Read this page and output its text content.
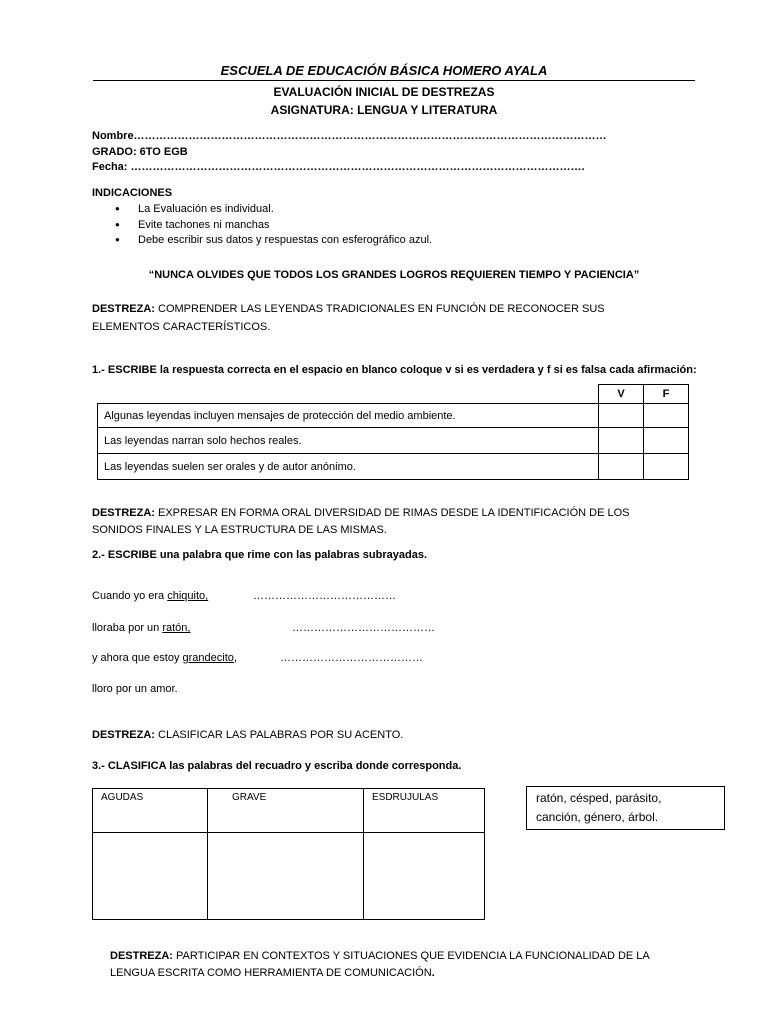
ESCUELA DE EDUCACIÓN BÁSICA HOMERO AYALA
EVALUACIÓN INICIAL DE DESTREZAS
ASIGNATURA: LENGUA Y LITERATURA
Nombre…………………………………………………………………………………………………………………
GRADO: 6TO EGB
Fecha: …………………………………………………………………………………………………………….
INDICACIONES
● La Evaluación es individual.
● Evite tachones ni manchas
● Debe escribir sus datos y respuestas con esferográfico azul.
“NUNCA OLVIDES QUE TODOS LOS GRANDES LOGROS REQUIEREN TIEMPO Y PACIENCIA”
DESTREZA: COMPRENDER LAS LEYENDAS TRADICIONALES EN FUNCIÓN DE RECONOCER SUS ELEMENTOS CARACTERÍSTICOS.
1.- ESCRIBE la respuesta correcta en el espacio en blanco coloque v si es verdadera y f si es falsa cada afirmación:
	V	F
Algunas leyendas incluyen mensajes de protección del medio ambiente.		
Las leyendas narran solo hechos reales.		
Las leyendas suelen ser orales y de autor anónimo.		
DESTREZA: EXPRESAR EN FORMA ORAL DIVERSIDAD DE RIMAS DESDE LA IDENTIFICACIÓN DE LOS SONIDOS FINALES Y LA ESTRUCTURA DE LAS MISMAS.
2.- ESCRIBE una palabra que rime con las palabras subrayadas.
Cuando yo era chiquito,	…………………………………
lloraba por un ratón,	…………………………………
y ahora que estoy grandecito,	…………………………………
lloro por un amor.
DESTREZA: CLASIFICAR LAS PALABRAS POR SU ACENTO.
3.- CLASIFICA las palabras del recuadro y escriba donde corresponda.
AGUDAS	GRAVE	ESDRUJULAS
			ratón, césped, parásito,
canción, género, árbol.
DESTREZA: PARTICIPAR EN CONTEXTOS Y SITUACIONES QUE EVIDENCIA LA FUNCIONALIDAD DE LA LENGUA ESCRITA COMO HERRAMIENTA DE COMUNICACIÓN.
